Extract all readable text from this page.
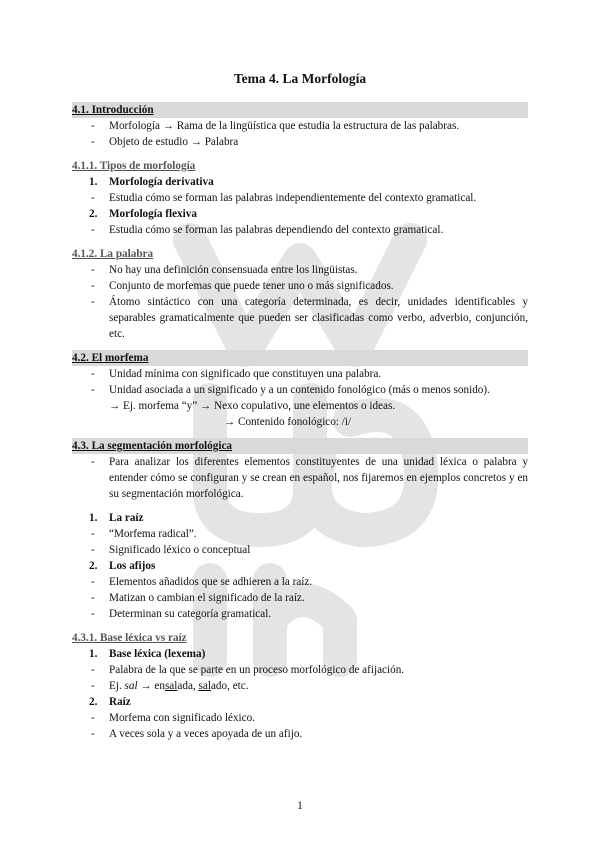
Tema 4. La Morfología
4.1. Introducción
- Morfología → Rama de la lingüística que estudia la estructura de las palabras.
- Objeto de estudio → Palabra
4.1.1. Tipos de morfología
1. Morfología derivativa
- Estudia cómo se forman las palabras independientemente del contexto gramatical.
2. Morfología flexiva
- Estudia cómo se forman las palabras dependiendo del contexto gramatical.
4.1.2. La palabra
- No hay una definición consensuada entre los lingüistas.
- Conjunto de morfemas que puede tener uno o más significados.
- Átomo sintáctico con una categoría determinada, es decir, unidades identificables y separables gramaticalmente que pueden ser clasificadas como verbo, adverbio, conjunción, etc.
4.2. El morfema
- Unidad mínima con significado que constituyen una palabra.
- Unidad asociada a un significado y a un contenido fonológico (más o menos sonido).
→ Ej. morfema “y” → Nexo copulativo, une elementos o ideas.
→ Contenido fonológico: /i/
4.3. La segmentación morfológica
- Para analizar los diferentes elementos constituyentes de una unidad léxica o palabra y entender cómo se configuran y se crean en español, nos fijaremos en ejemplos concretos y en su segmentación morfológica.
1. La raíz
- “Morfema radical”.
- Significado léxico o conceptual
2. Los afijos
- Elementos añadidos que se adhieren a la raíz.
- Matizan o cambian el significado de la raíz.
- Determinan su categoría gramatical.
4.3.1. Base léxica vs raíz
1. Base léxica (lexema)
- Palabra de la que se parte en un proceso morfológico de afijación.
- Ej. sal → ensalada, salado, etc.
2. Raíz
- Morfema con significado léxico.
- A veces sola y a veces apoyada de un afijo.
1
